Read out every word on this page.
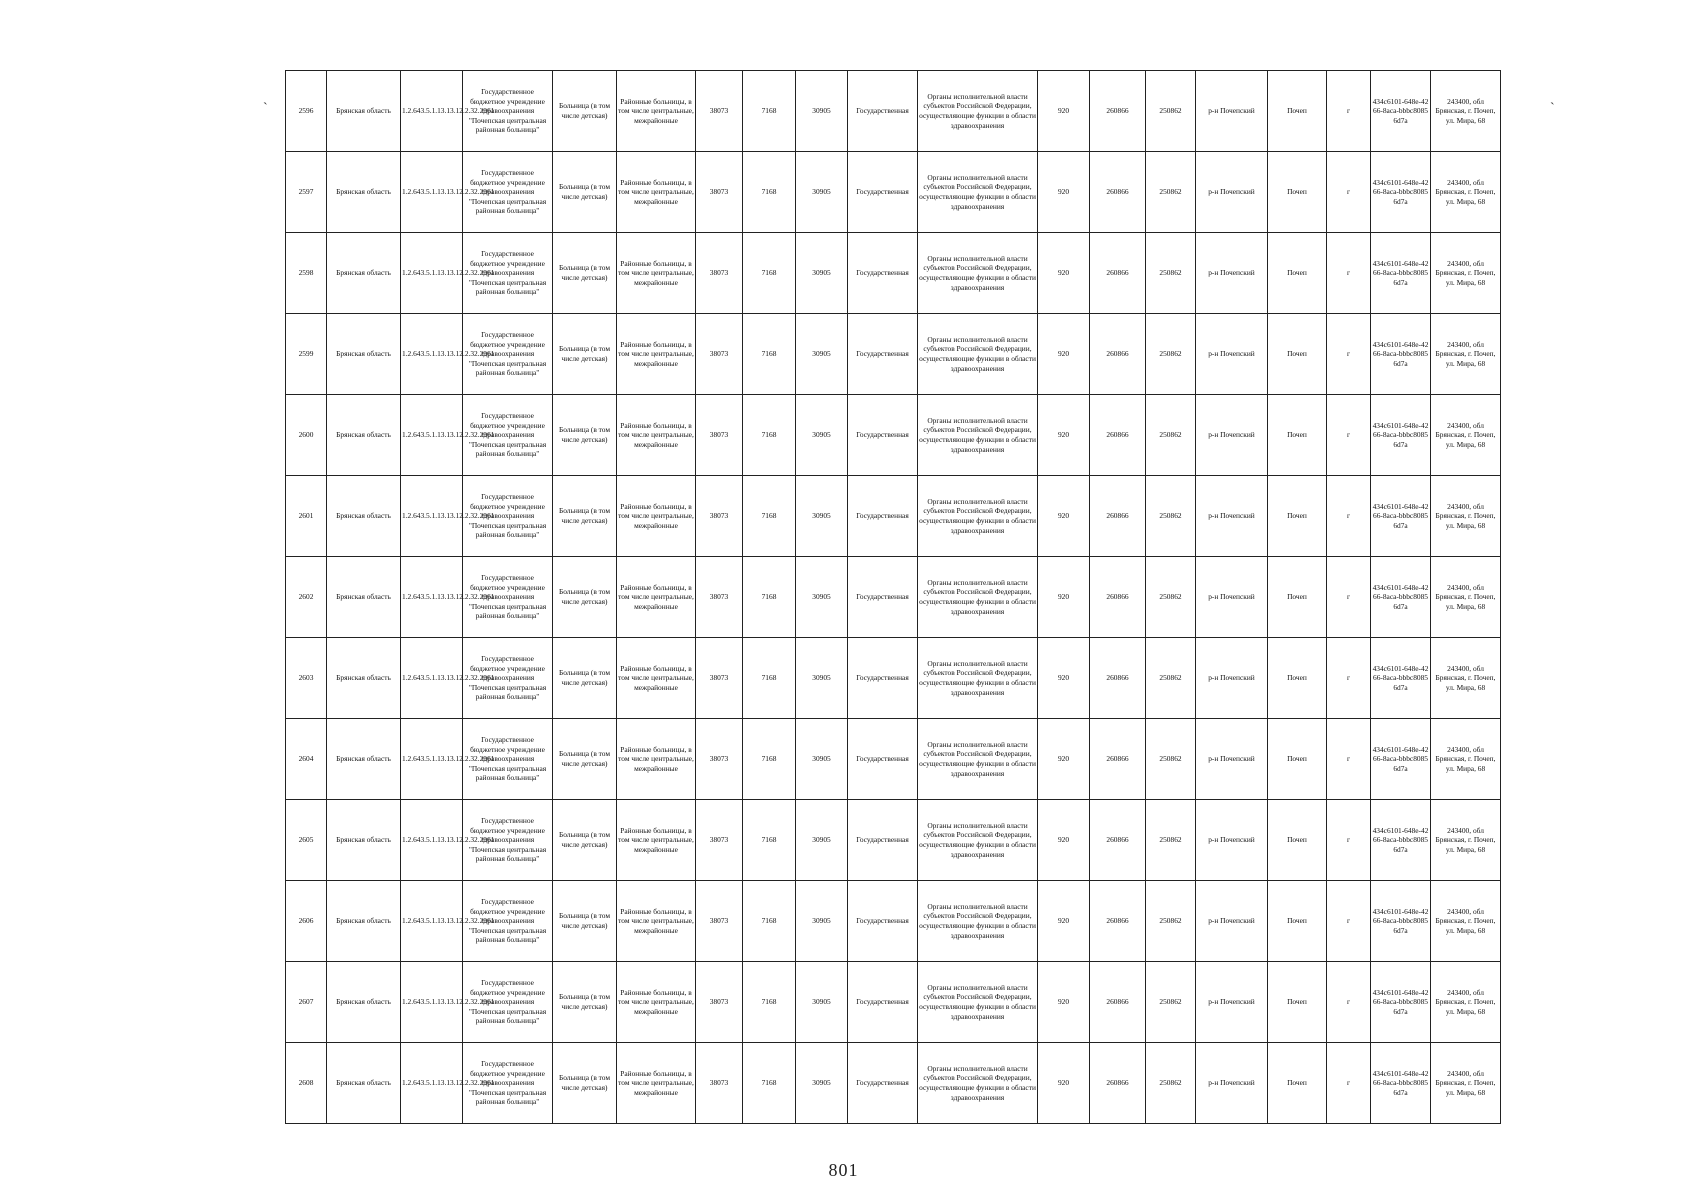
`	`
2596	Брянская область	1.2.643.5.1.13.13.12.2.32.2961	Государственное бюджетное учреждение здравоохранения "Почепская центральная районная больница"	Больница (в том числе детская)	Районные больницы, в том числе центральные, межрайонные	38073	7168	30905	Государственная	Органы исполнительной власти субъектов Российской Федерации, осуществляющие функции в области здравоохранения	920	260866	250862	р-н Почепский	Почеп	г	434c6101-648e-4266-8aca-bbbc80856d7a	243400, обл Брянская, г. Почеп, ул. Мира, 68
2597	Брянская область	1.2.643.5.1.13.13.12.2.32.2961	Государственное бюджетное учреждение здравоохранения "Почепская центральная районная больница"	Больница (в том числе детская)	Районные больницы, в том числе центральные, межрайонные	38073	7168	30905	Государственная	Органы исполнительной власти субъектов Российской Федерации, осуществляющие функции в области здравоохранения	920	260866	250862	р-н Почепский	Почеп	г	434c6101-648e-4266-8aca-bbbc80856d7a	243400, обл Брянская, г. Почеп, ул. Мира, 68
2598	Брянская область	1.2.643.5.1.13.13.12.2.32.2961	Государственное бюджетное учреждение здравоохранения "Почепская центральная районная больница"	Больница (в том числе детская)	Районные больницы, в том числе центральные, межрайонные	38073	7168	30905	Государственная	Органы исполнительной власти субъектов Российской Федерации, осуществляющие функции в области здравоохранения	920	260866	250862	р-н Почепский	Почеп	г	434c6101-648e-4266-8aca-bbbc80856d7a	243400, обл Брянская, г. Почеп, ул. Мира, 68
2599	Брянская область	1.2.643.5.1.13.13.12.2.32.2961	Государственное бюджетное учреждение здравоохранения "Почепская центральная районная больница"	Больница (в том числе детская)	Районные больницы, в том числе центральные, межрайонные	38073	7168	30905	Государственная	Органы исполнительной власти субъектов Российской Федерации, осуществляющие функции в области здравоохранения	920	260866	250862	р-н Почепский	Почеп	г	434c6101-648e-4266-8aca-bbbc80856d7a	243400, обл Брянская, г. Почеп, ул. Мира, 68
2600	Брянская область	1.2.643.5.1.13.13.12.2.32.2961	Государственное бюджетное учреждение здравоохранения "Почепская центральная районная больница"	Больница (в том числе детская)	Районные больницы, в том числе центральные, межрайонные	38073	7168	30905	Государственная	Органы исполнительной власти субъектов Российской Федерации, осуществляющие функции в области здравоохранения	920	260866	250862	р-н Почепский	Почеп	г	434c6101-648e-4266-8aca-bbbc80856d7a	243400, обл Брянская, г. Почеп, ул. Мира, 68
2601	Брянская область	1.2.643.5.1.13.13.12.2.32.2961	Государственное бюджетное учреждение здравоохранения "Почепская центральная районная больница"	Больница (в том числе детская)	Районные больницы, в том числе центральные, межрайонные	38073	7168	30905	Государственная	Органы исполнительной власти субъектов Российской Федерации, осуществляющие функции в области здравоохранения	920	260866	250862	р-н Почепский	Почеп	г	434c6101-648e-4266-8aca-bbbc80856d7a	243400, обл Брянская, г. Почеп, ул. Мира, 68
2602	Брянская область	1.2.643.5.1.13.13.12.2.32.2961	Государственное бюджетное учреждение здравоохранения "Почепская центральная районная больница"	Больница (в том числе детская)	Районные больницы, в том числе центральные, межрайонные	38073	7168	30905	Государственная	Органы исполнительной власти субъектов Российской Федерации, осуществляющие функции в области здравоохранения	920	260866	250862	р-н Почепский	Почеп	г	434c6101-648e-4266-8aca-bbbc80856d7a	243400, обл Брянская, г. Почеп, ул. Мира, 68
2603	Брянская область	1.2.643.5.1.13.13.12.2.32.2961	Государственное бюджетное учреждение здравоохранения "Почепская центральная районная больница"	Больница (в том числе детская)	Районные больницы, в том числе центральные, межрайонные	38073	7168	30905	Государственная	Органы исполнительной власти субъектов Российской Федерации, осуществляющие функции в области здравоохранения	920	260866	250862	р-н Почепский	Почеп	г	434c6101-648e-4266-8aca-bbbc80856d7a	243400, обл Брянская, г. Почеп, ул. Мира, 68
2604	Брянская область	1.2.643.5.1.13.13.12.2.32.2961	Государственное бюджетное учреждение здравоохранения "Почепская центральная районная больница"	Больница (в том числе детская)	Районные больницы, в том числе центральные, межрайонные	38073	7168	30905	Государственная	Органы исполнительной власти субъектов Российской Федерации, осуществляющие функции в области здравоохранения	920	260866	250862	р-н Почепский	Почеп	г	434c6101-648e-4266-8aca-bbbc80856d7a	243400, обл Брянская, г. Почеп, ул. Мира, 68
2605	Брянская область	1.2.643.5.1.13.13.12.2.32.2961	Государственное бюджетное учреждение здравоохранения "Почепская центральная районная больница"	Больница (в том числе детская)	Районные больницы, в том числе центральные, межрайонные	38073	7168	30905	Государственная	Органы исполнительной власти субъектов Российской Федерации, осуществляющие функции в области здравоохранения	920	260866	250862	р-н Почепский	Почеп	г	434c6101-648e-4266-8aca-bbbc80856d7a	243400, обл Брянская, г. Почеп, ул. Мира, 68
2606	Брянская область	1.2.643.5.1.13.13.12.2.32.2961	Государственное бюджетное учреждение здравоохранения "Почепская центральная районная больница"	Больница (в том числе детская)	Районные больницы, в том числе центральные, межрайонные	38073	7168	30905	Государственная	Органы исполнительной власти субъектов Российской Федерации, осуществляющие функции в области здравоохранения	920	260866	250862	р-н Почепский	Почеп	г	434c6101-648e-4266-8aca-bbbc80856d7a	243400, обл Брянская, г. Почеп, ул. Мира, 68
2607	Брянская область	1.2.643.5.1.13.13.12.2.32.2961	Государственное бюджетное учреждение здравоохранения "Почепская центральная районная больница"	Больница (в том числе детская)	Районные больницы, в том числе центральные, межрайонные	38073	7168	30905	Государственная	Органы исполнительной власти субъектов Российской Федерации, осуществляющие функции в области здравоохранения	920	260866	250862	р-н Почепский	Почеп	г	434c6101-648e-4266-8aca-bbbc80856d7a	243400, обл Брянская, г. Почеп, ул. Мира, 68
2608	Брянская область	1.2.643.5.1.13.13.12.2.32.2961	Государственное бюджетное учреждение здравоохранения "Почепская центральная районная больница"	Больница (в том числе детская)	Районные больницы, в том числе центральные, межрайонные	38073	7168	30905	Государственная	Органы исполнительной власти субъектов Российской Федерации, осуществляющие функции в области здравоохранения	920	260866	250862	р-н Почепский	Почеп	г	434c6101-648e-4266-8aca-bbbc80856d7a	243400, обл Брянская, г. Почеп, ул. Мира, 68
801
